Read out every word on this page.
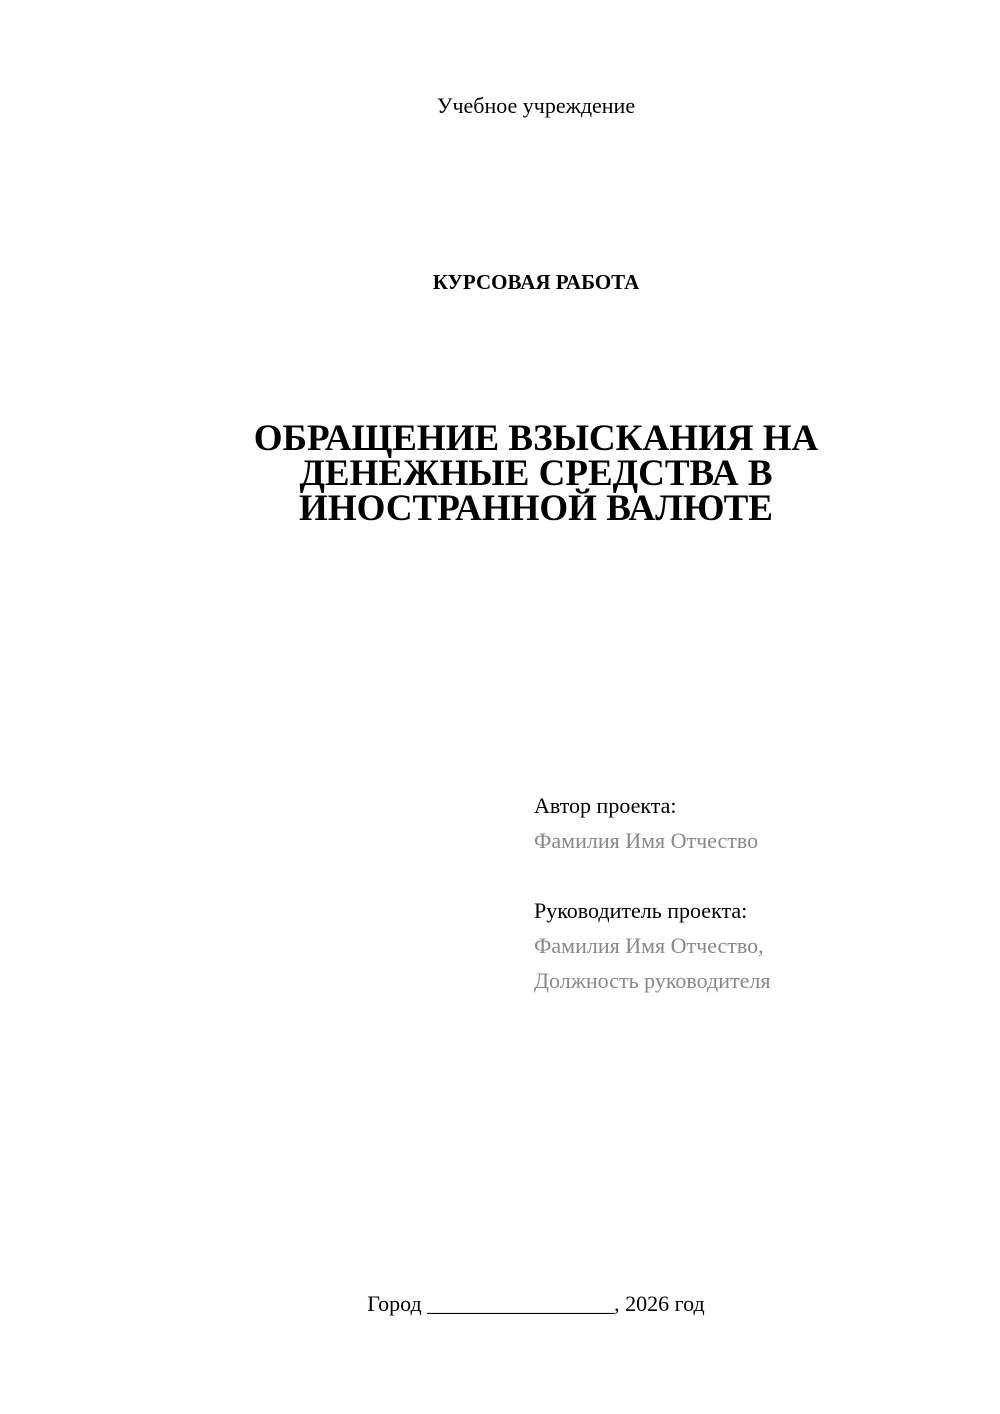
Учебное учреждение
КУРСОВАЯ РАБОТА
ОБРАЩЕНИЕ ВЗЫСКАНИЯ НА
ДЕНЕЖНЫЕ СРЕДСТВА В
ИНОСТРАННОЙ ВАЛЮТЕ
Автор проекта:
Фамилия Имя Отчество
Руководитель проекта:
Фамилия Имя Отчество,
Должность руководителя
Город _________________, 2026 год
